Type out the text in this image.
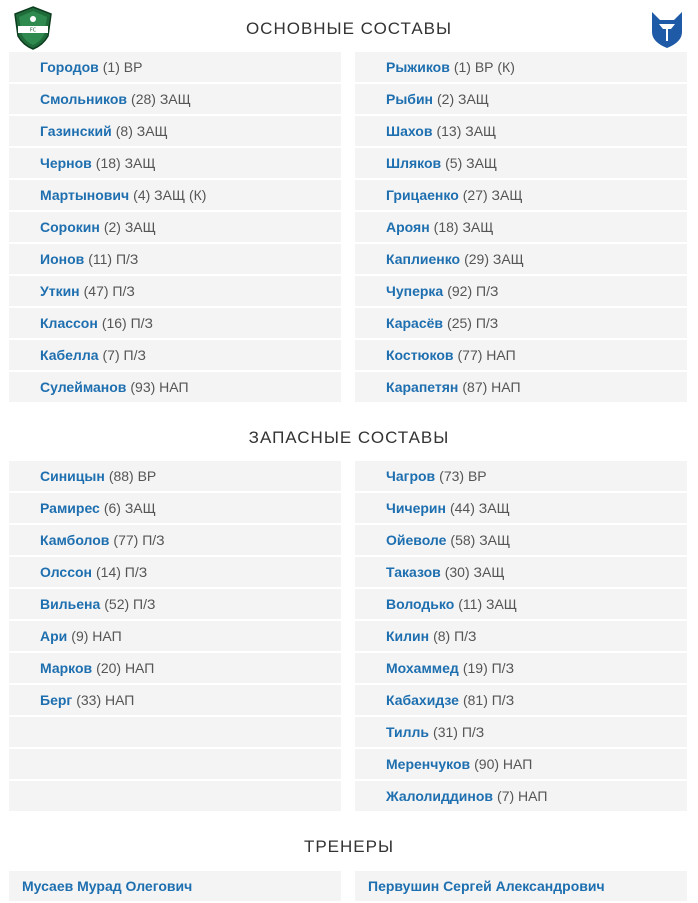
FC	ОСНОВНЫЕ СОСТАВЫ
Городов (1) ВР
Смольников (28) ЗАЩ
Газинский (8) ЗАЩ
Чернов (18) ЗАЩ
Мартынович (4) ЗАЩ (К)
Сорокин (2) ЗАЩ
Ионов (11) П/З
Уткин (47) П/З
Классон (16) П/З
Кабелла (7) П/З
Сулейманов (93) НАП
Рыжиков (1) ВР (К)
Рыбин (2) ЗАЩ
Шахов (13) ЗАЩ
Шляков (5) ЗАЩ
Грицаенко (27) ЗАЩ
Ароян (18) ЗАЩ
Каплиенко (29) ЗАЩ
Чуперка (92) П/З
Карасёв (25) П/З
Костюков (77) НАП
Карапетян (87) НАП
ЗАПАСНЫЕ СОСТАВЫ
Синицын (88) ВР
Рамирес (6) ЗАЩ
Камболов (77) П/З
Олссон (14) П/З
Вильена (52) П/З
Ари (9) НАП
Марков (20) НАП
Берг (33) НАП
Чагров (73) ВР
Чичерин (44) ЗАЩ
Ойеволе (58) ЗАЩ
Таказов (30) ЗАЩ
Володько (11) ЗАЩ
Килин (8) П/З
Мохаммед (19) П/З
Кабахидзе (81) П/З
Тилль (31) П/З
Меренчуков (90) НАП
Жалолиддинов (7) НАП
ТРЕНЕРЫ
Мусаев Мурад Олегович	Первушин Сергей Александрович
